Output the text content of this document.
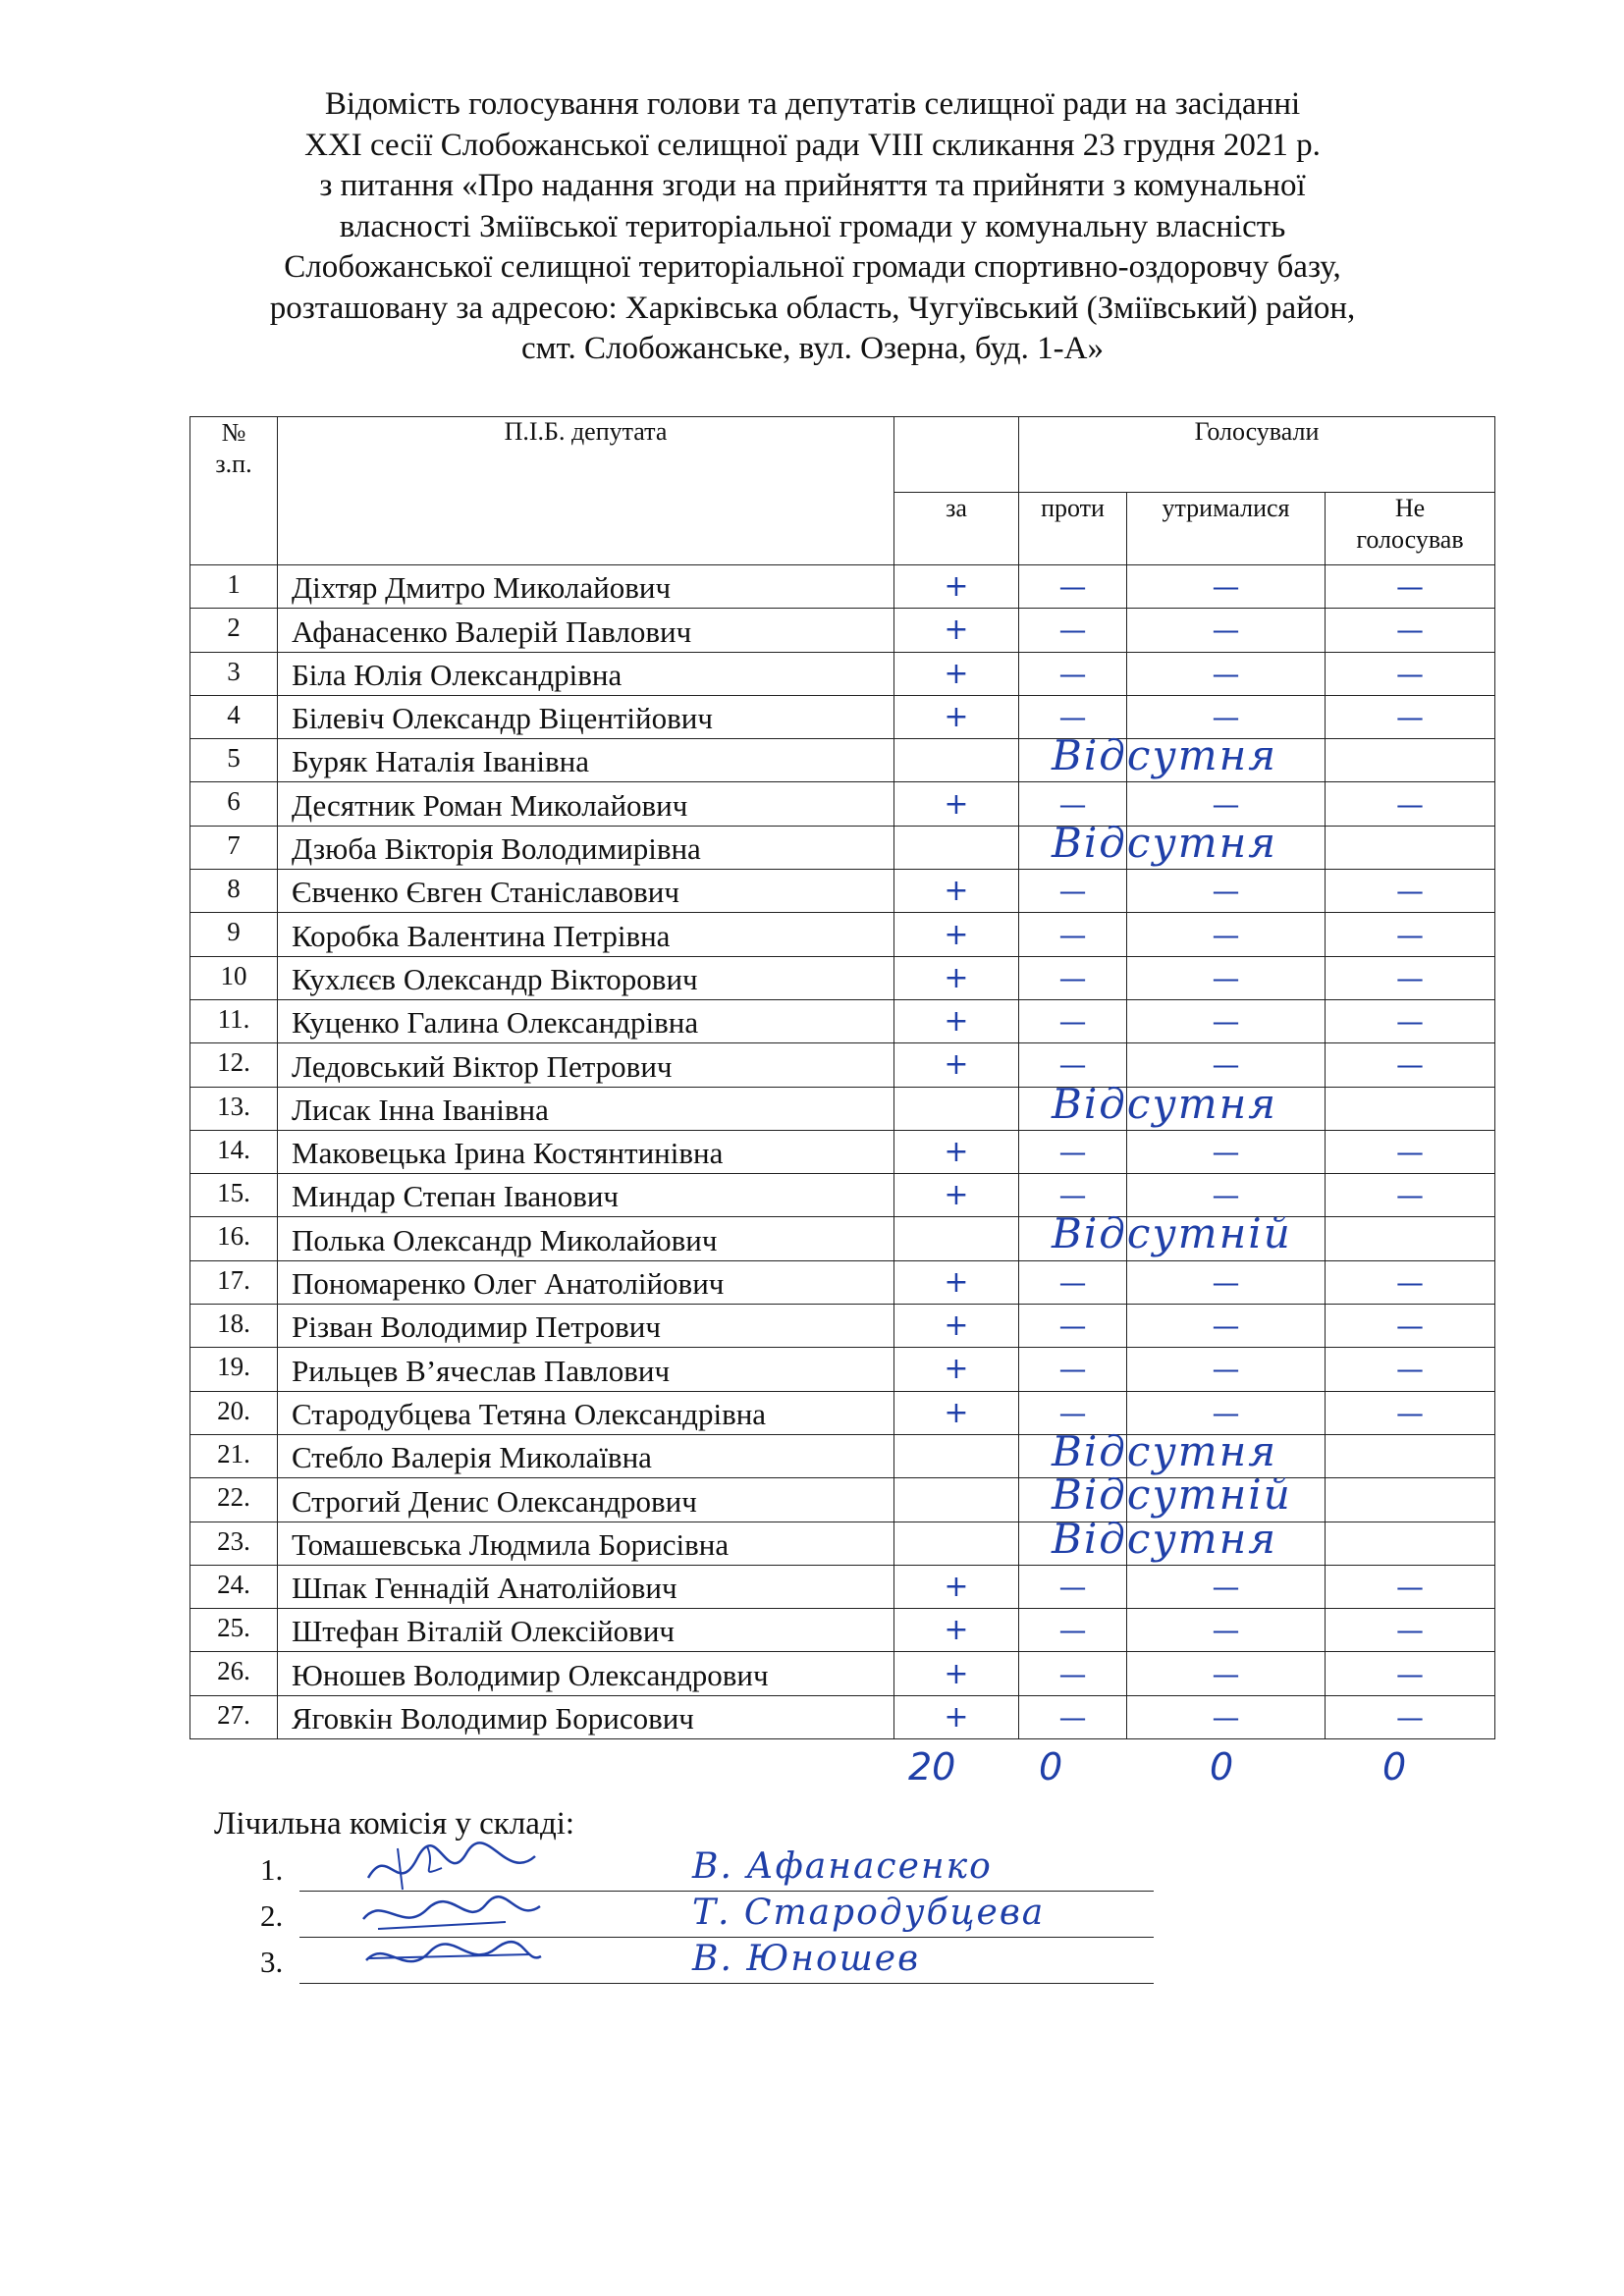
Відомість голосування голови та депутатів селищної ради на засіданні
XXI сесії Слобожанської селищної ради VIII скликання 23 грудня 2021 р.
з питання «Про надання згоди на прийняття та прийняти з комунальної
власності Зміївської територіальної громади у комунальну власність
Слобожанської селищної територіальної громади спортивно-оздоровчу базу,
розташовану за адресою: Харківська область, Чугуївський (Зміївський) район,
смт. Слобожанське, вул. Озерна, буд. 1-А»
№
з.п.	П.І.Б. депутата		Голосували		
		за	проти	утрималися	Не
голосував

1	Діхтяр Дмитро Миколайович	+	—	—	—
2	Афанасенко Валерій Павлович	+	—	—	—
3	Біла Юлія Олександрівна	+	—	—	—
4	Білевіч Олександр Віцентійович	+	—	—	—
5	Буряк Наталія Іванівна	Відсутня			

6	Десятник Роман Миколайович	+	—	—	—
7	Дзюба Вікторія Володимирівна	Відсутня			

8	Євченко Євген Станіславович	+	—	—	—
9	Коробка Валентина Петрівна	+	—	—	—
10	Кухлєєв Олександр Вікторович	+	—	—	—
11.	Куценко Галина Олександрівна	+	—	—	—
12.	Ледовський Віктор Петрович	+	—	—	—
13.	Лисак Інна Іванівна	Відсутня			

14.	Маковецька Ірина Костянтинівна	+	—	—	—
15.	Миндар Степан Іванович	+	—	—	—
16.	Полька Олександр Миколайович	Відсутній			

17.	Пономаренко Олег Анатолійович	+	—	—	—
18.	Різван Володимир Петрович	+	—	—	—
19.	Рильцев В’ячеслав Павлович	+	—	—	—
20.	Стародубцева Тетяна Олександрівна	+	—	—	—
21.	Стебло Валерія Миколаївна	Відсутня			

22.	Строгий Денис Олександрович	Відсутній			

23.	Томашевська Людмила Борисівна	Відсутня			

24.	Шпак Геннадій Анатолійович	+	—	—	—
25.	Штефан Віталій Олексійович	+	—	—	—
26.	Юношев Володимир Олександрович	+	—	—	—
27.	Яговкін Володимир Борисович	+	—	—	—
20 0	0	0
Лічильна комісія у складі:
1.	В. Афанасенко
2.	Т. Стародубцева
3.	В. Юношев
